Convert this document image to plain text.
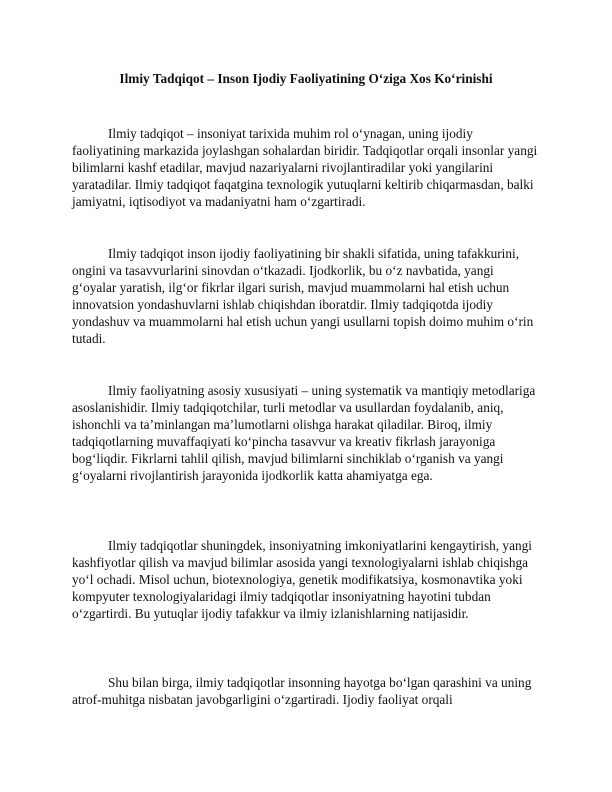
Ilmiy Tadqiqot – Inson Ijodiy Faoliyatining O‘ziga Xos Ko‘rinishi

Ilmiy tadqiqot – insoniyat tarixida muhim rol o‘ynagan, uning ijodiy faoliyatining markazida joylashgan sohalardan biridir. Tadqiqotlar orqali insonlar yangi bilimlarni kashf etadilar, mavjud nazariyalarni rivojlantiradilar yoki yangilarini yaratadilar. Ilmiy tadqiqot faqatgina texnologik yutuqlarni keltirib chiqarmasdan, balki jamiyatni, iqtisodiyot va madaniyatni ham o‘zgartiradi.

Ilmiy tadqiqot inson ijodiy faoliyatining bir shakli sifatida, uning tafakkurini, ongini va tasavvurlarini sinovdan o‘tkazadi. Ijodkorlik, bu o‘z navbatida, yangi g‘oyalar yaratish, ilg‘or fikrlar ilgari surish, mavjud muammolarni hal etish uchun innovatsion yondashuvlarni ishlab chiqishdan iboratdir. Ilmiy tadqiqotda ijodiy yondashuv va muammolarni hal etish uchun yangi usullarni topish doimo muhim o‘rin tutadi.

Ilmiy faoliyatning asosiy xususiyati – uning systematik va mantiqiy metodlariga asoslanishidir. Ilmiy tadqiqotchilar, turli metodlar va usullardan foydalanib, aniq, ishonchli va ta’minlangan ma’lumotlarni olishga harakat qiladilar. Biroq, ilmiy tadqiqotlarning muvaffaqiyati ko‘pincha tasavvur va kreativ fikrlash jarayoniga bog‘liqdir. Fikrlarni tahlil qilish, mavjud bilimlarni sinchiklab o‘rganish va yangi g‘oyalarni rivojlantirish jarayonida ijodkorlik katta ahamiyatga ega.

Ilmiy tadqiqotlar shuningdek, insoniyatning imkoniyatlarini kengaytirish, yangi kashfiyotlar qilish va mavjud bilimlar asosida yangi texnologiyalarni ishlab chiqishga yo‘l ochadi. Misol uchun, biotexnologiya, genetik modifikatsiya, kosmonavtika yoki kompyuter texnologiyalaridagi ilmiy tadqiqotlar insoniyatning hayotini tubdan o‘zgartirdi. Bu yutuqlar ijodiy tafakkur va ilmiy izlanishlarning natijasidir.

Shu bilan birga, ilmiy tadqiqotlar insonning hayotga bo‘lgan qarashini va uning atrof-muhitga nisbatan javobgarligini o‘zgartiradi. Ijodiy faoliyat orqali
